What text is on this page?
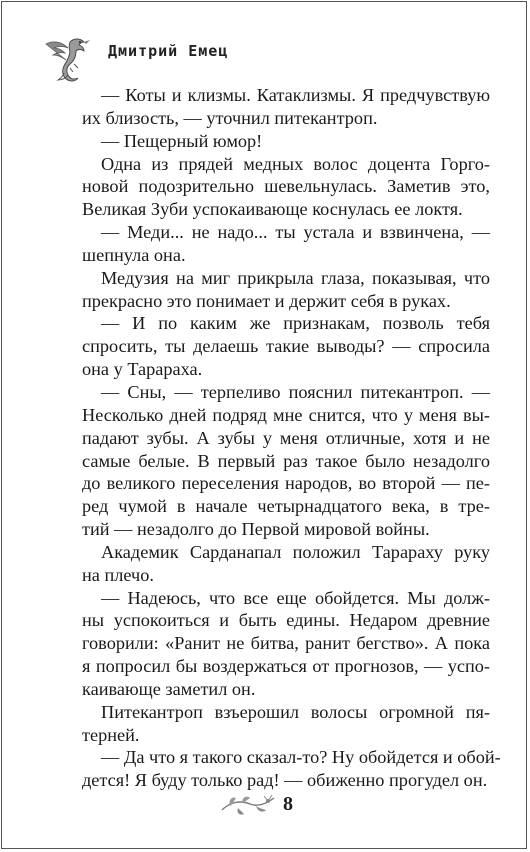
Дмитрий Емец
— Коты и клизмы. Катаклизмы. Я предчувствую
их близость, — уточнил питекантроп.
— Пещерный юмор!
Одна из прядей медных волос доцента Горго-
новой подозрительно шевельнулась. Заметив это,
Великая Зуби успокаивающе коснулась ее локтя.
— Меди... не надо... ты устала и взвинчена, —
шепнула она.
Медузия на миг прикрыла глаза, показывая, что
прекрасно это понимает и держит себя в руках.
— И по каким же признакам, позволь тебя
спросить, ты делаешь такие выводы? — спросила
она у Тарараха.
— Сны, — терпеливо пояснил питекантроп. —
Несколько дней подряд мне снится, что у меня вы-
падают зубы. А зубы у меня отличные, хотя и не
самые белые. В первый раз такое было незадолго
до великого переселения народов, во второй — пе-
ред чумой в начале четырнадцатого века, в тре-
тий — незадолго до Первой мировой войны.
Академик Сарданапал положил Тарараху руку
на плечо.
— Надеюсь, что все еще обойдется. Мы долж-
ны успокоиться и быть едины. Недаром древние
говорили: «Ранит не битва, ранит бегство». А пока
я попросил бы воздержаться от прогнозов, — успо-
каивающе заметил он.
Питекантроп взъерошил волосы огромной пя-
терней.
— Да что я такого сказал-то? Ну обойдется и обой-
дется! Я буду только рад! — обиженно прогудел он.
8
